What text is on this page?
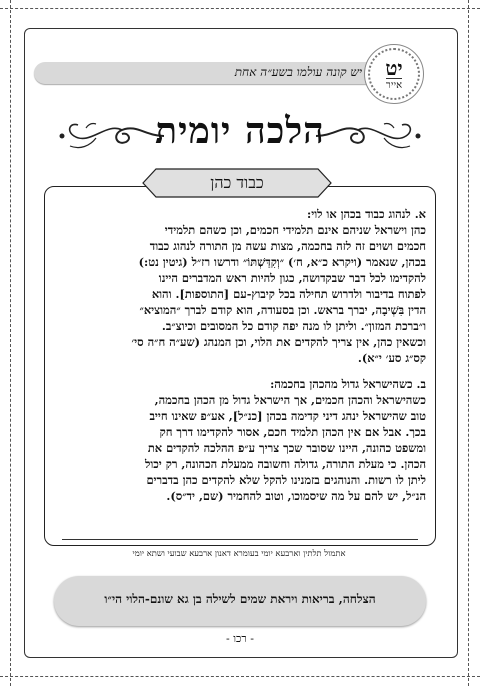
יש קונה עולמו בשע״ה אחת יט
אייר
הלכה יומית
כבוד כהן

א. לנהוג כבוד בכהן או לוי:

כהן וישראל שניהם אינם תלמידי חכמים, וכן כשהם תלמידי

חכמים ושוים זה לזה בחכמה, מצות עשה מן התורה לנהוג כבוד

בכהן, שנאמר (ויקרא כ״א, ח׳) ״וְקִדַּשְׁתּוֹ״ ודרשו רז״ל (גיטין נט:)

להקדימו לכל דבר שבקדושה, כגון להיות ראש המדברים היינו

לפתוח בדיבור ולדרוש תחילה בכל קיבוץ-עם [התוספות]. והוא

הדין בִּשְׁיבָה, יברך בראש. וכן בסעודה, הוא קודם לברך ״המוציא״

ו״ברכת המזון״. וליתן לו מנה יפה קודם כל המסובים וכיוצ״ב.

וכשאין כהן, אין צריך להקדים את הלוי, וכן המנהג (שע״ה ח״ה סי׳

קס״ג סע׳ י״א).

ב. כשהישראל גדול מהכהן בחכמה:

כשהישראל והכהן חכמים, אך הישראל גדול מן הכהן בחכמה,

טוב שהישראל ינהג דיני קדימה בכהן [כנ״ל], אע״פ שאינו חייב

בכך. אבל אם אין הכהן תלמיד חכם, אסור להקדימו דרך חק

ומשפט כהונה, היינו שסובר שכך צריך ע״פ ההלכה להקדים את

הכהן. כי מעלת התורה, גדולה וחשובה ממעלת הכהונה, רק יכול

ליתן לו רשות. והנוהגים בזמנינו להקל שלא להקדים כהן בדברים

הנ״ל, יש להם על מה שיסמוכו, וטוב להחמיר (שם, יד״ס).

אתמול תלתין וארבעא יומי בעומרא דאנון ארבעא שבועי ושתא יומי
הצלחה, בריאות ויראת שמים לשילה בן גא שונם-הלוי הי״ו
- רכו -
